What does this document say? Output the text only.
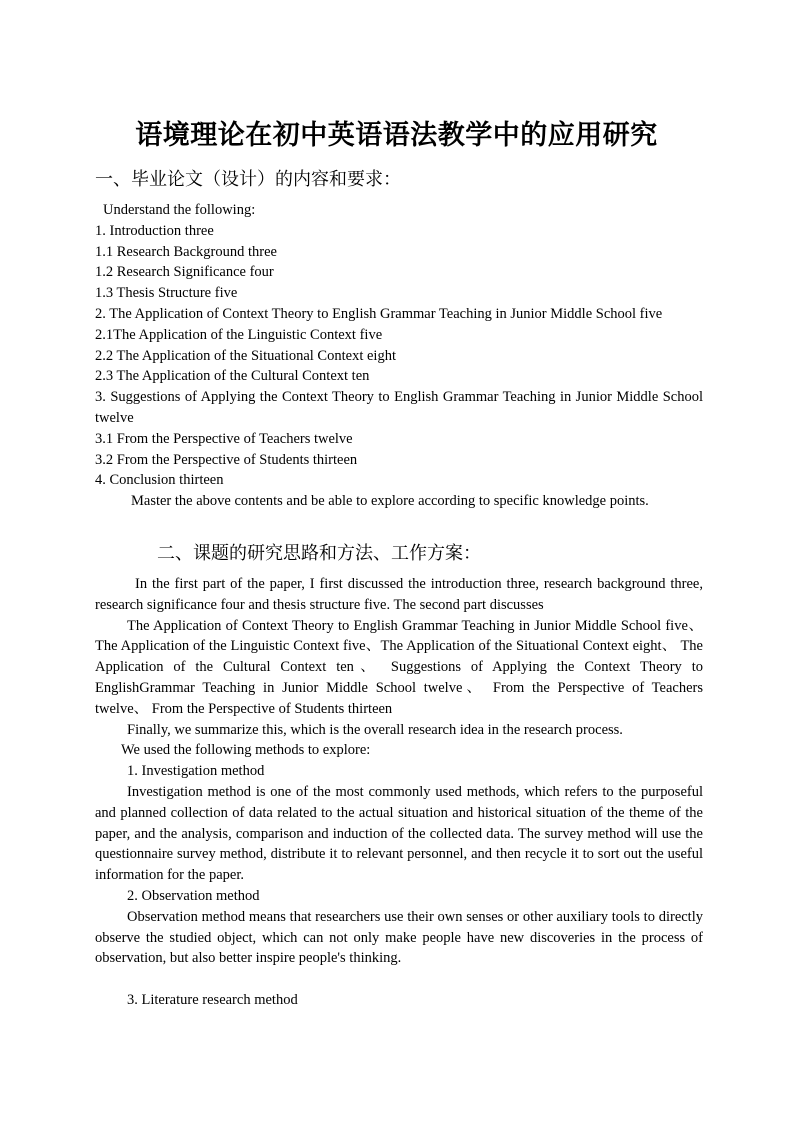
语境理论在初中英语语法教学中的应用研究
一、毕业论文（设计）的内容和要求：

Understand the following:

1. Introduction three

1.1 Research Background three

1.2 Research Significance four

1.3 Thesis Structure five

2. The Application of Context Theory to English Grammar Teaching in Junior Middle School five

2.1The Application of the Linguistic Context five

2.2 The Application of the Situational Context eight

2.3 The Application of the Cultural Context ten

3. Suggestions of Applying the Context Theory to English Grammar Teaching in Junior Middle School twelve

3.1 From the Perspective of Teachers twelve

3.2 From the Perspective of Students thirteen

4. Conclusion thirteen

Master the above contents and be able to explore according to specific knowledge points.

二、课题的研究思路和方法、工作方案：

In the first part of the paper, I first discussed the introduction three, research background three, research significance four and thesis structure five. The second part discusses

The Application of Context Theory to English Grammar Teaching in Junior Middle School five、The Application of the Linguistic Context five、The Application of the Situational Context eight、 The Application of the Cultural Context ten、 Suggestions of Applying the Context Theory to EnglishGrammar Teaching in Junior Middle School twelve、 From the Perspective of Teachers twelve、 From the Perspective of Students thirteen

Finally, we summarize this, which is the overall research idea in the research process.

We used the following methods to explore:

1. Investigation method

Investigation method is one of the most commonly used methods, which refers to the purposeful and planned collection of data related to the actual situation and historical situation of the theme of the paper, and the analysis, comparison and induction of the collected data. The survey method will use the questionnaire survey method, distribute it to relevant personnel, and then recycle it to sort out the useful information for the paper.

2. Observation method

Observation method means that researchers use their own senses or other auxiliary tools to directly observe the studied object, which can not only make people have new discoveries in the process of observation, but also better inspire people's thinking.

3. Literature research method
